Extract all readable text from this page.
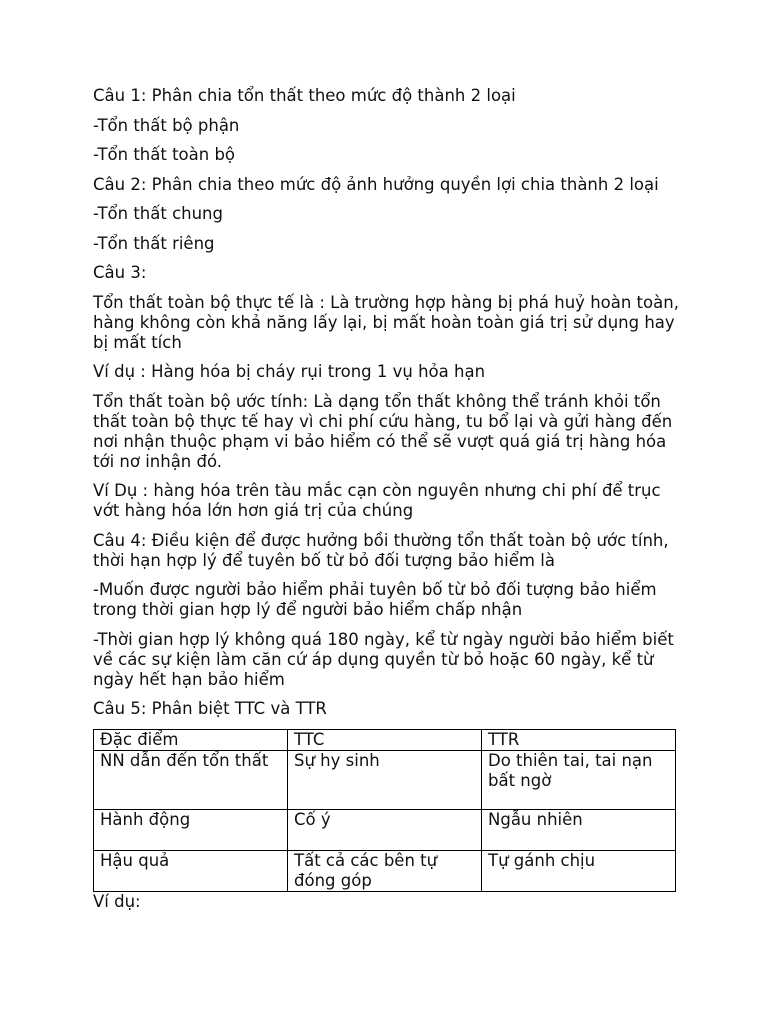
Câu 1: Phân chia tổn thất theo mức độ thành 2 loại

-Tổn thất bộ phận

-Tổn thất toàn bộ

Câu 2: Phân chia theo mức độ ảnh hưởng quyền lợi chia thành 2 loại

-Tổn thất chung

-Tổn thất riêng

Câu 3:

Tổn thất toàn bộ thực tế là : Là trường hợp hàng bị phá huỷ hoàn toàn, hàng không còn khả năng lấy lại, bị mất hoàn toàn giá trị sử dụng hay bị mất tích

Ví dụ : Hàng hóa bị cháy rụi trong 1 vụ hỏa hạn

Tổn thất toàn bộ ước tính: Là dạng tổn thất không thể tránh khỏi tổn thất toàn bộ thực tế hay vì chi phí cứu hàng, tu bổ lại và gửi hàng đến nơi nhận thuộc phạm vi bảo hiểm có thể sẽ vượt quá giá trị hàng hóa tới nơ inhận đó.

Ví Dụ : hàng hóa trên tàu mắc cạn còn nguyên nhưng chi phí để trục vớt hàng hóa lớn hơn giá trị của chúng

Câu 4: Điều kiện để được hưởng bồi thường tổn thất toàn bộ ước tính, thời hạn hợp lý để tuyên bố từ bỏ đối tượng bảo hiểm là

-Muốn được người bảo hiểm phải tuyên bố từ bỏ đối tượng bảo hiểm trong thời gian hợp lý để người bảo hiểm chấp nhận

-Thời gian hợp lý không quá 180 ngày, kể từ ngày người bảo hiểm biết về các sự kiện làm căn cứ áp dụng quyền từ bỏ hoặc 60 ngày, kể từ ngày hết hạn bảo hiểm

Câu 5: Phân biệt TTC và TTR

Đặc điểm	TTC	TTR
NN dẫn đến tổn thất	Sự hy sinh	Do thiên tai, tai nạn bất ngờ
Hành động	Cố ý	Ngẫu nhiên
Hậu quả	Tất cả các bên tự đóng góp	Tự gánh chịu

Ví dụ:
